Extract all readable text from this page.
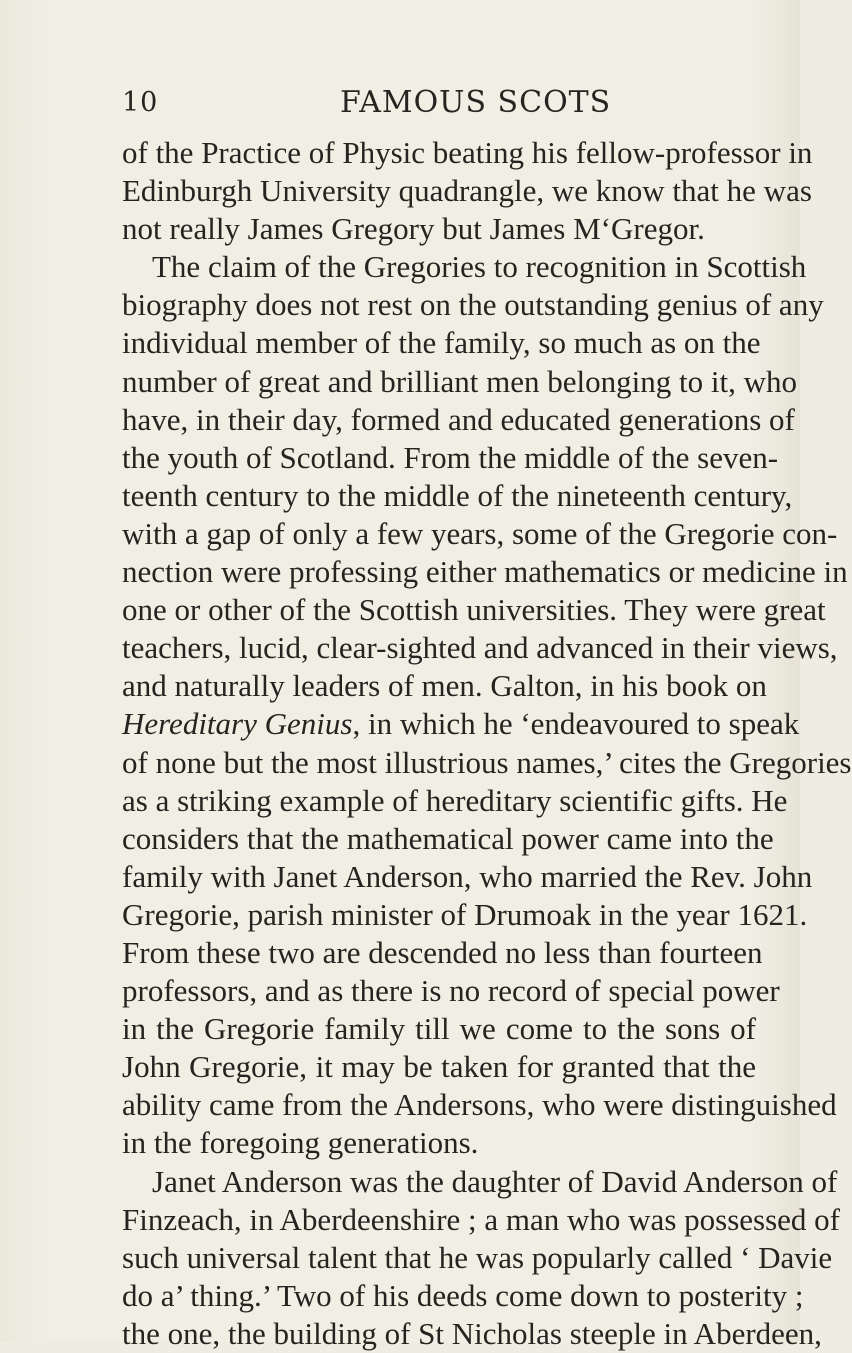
10	FAMOUS SCOTS
of the Practice of Physic beating his fellow-professor in
Edinburgh University quadrangle, we know that he was
not really James Gregory but James M‘Gregor.
The claim of the Gregories to recognition in Scottish
biography does not rest on the outstanding genius of any
individual member of the family, so much as on the
number of great and brilliant men belonging to it, who
have, in their day, formed and educated generations of
the youth of Scotland. From the middle of the seven-
teenth century to the middle of the nineteenth century,
with a gap of only a few years, some of the Gregorie con-
nection were professing either mathematics or medicine in
one or other of the Scottish universities. They were great
teachers, lucid, clear-sighted and advanced in their views,
and naturally leaders of men. Galton, in his book on
Hereditary Genius, in which he ‘endeavoured to speak
of none but the most illustrious names,’ cites the Gregories
as a striking example of hereditary scientific gifts. He
considers that the mathematical power came into the
family with Janet Anderson, who married the Rev. John
Gregorie, parish minister of Drumoak in the year 1621.
From these two are descended no less than fourteen
professors, and as there is no record of special power
in the Gregorie family till we come to the sons of
John Gregorie, it may be taken for granted that the
ability came from the Andersons, who were distinguished
in the foregoing generations.
Janet Anderson was the daughter of David Anderson of
Finzeach, in Aberdeenshire ; a man who was possessed of
such universal talent that he was popularly called ‘ Davie
do a’ thing.’ Two of his deeds come down to posterity ;
the one, the building of St Nicholas steeple in Aberdeen,
